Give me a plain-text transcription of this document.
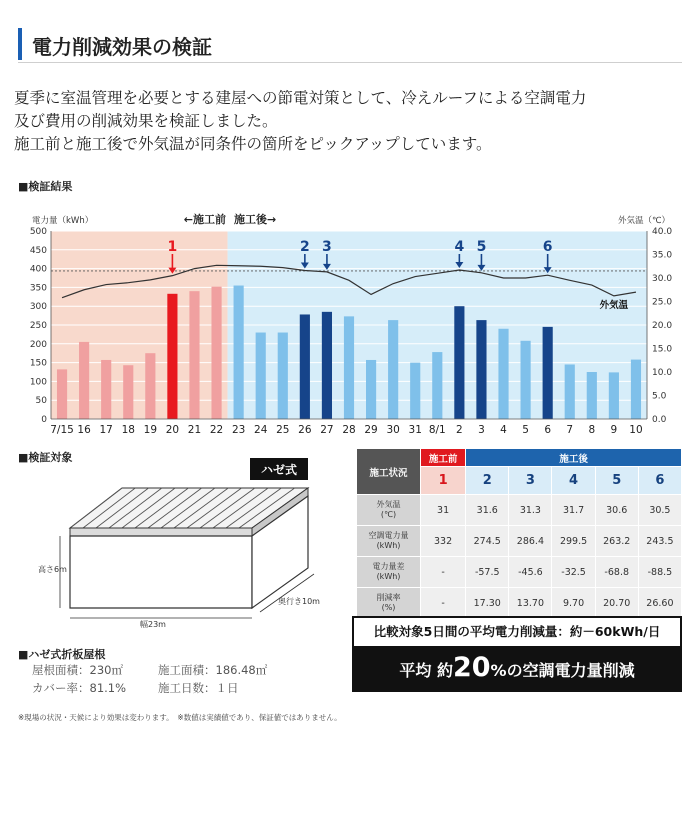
電力削減効果の検証
夏季に室温管理を必要とする建屋への節電対策として、冷えルーフによる空調電力
及び費用の削減効果を検証しました。
施工前と施工後で外気温が同条件の箇所をピックアップしています。
■検証結果
外気温
1	2 3	4 5	6
0
50
100
150
200
250
300
350
400
450
500
0.0
5.0
10.0
15.0
20.0
25.0
30.0
35.0
40.0
7/15 16 17 18 19 20 21 22 23 24 25 26 27 28 29 30 31 8/1 2 3 4 5 6 7 8 9 10
電力量（kWh）	外気温（℃）
←施工前 施工後→
■検証対象
ハゼ式
高さ6m
幅23m
奥行き10m
施工状況	施工前	施工後				
	1	2	3	4	5	6

外気温
(℃)	31	31.6	31.3	31.7	30.6	30.5

空調電力量
(kWh)	332	274.5	286.4	299.5	263.2	243.5

電力量差
(kWh)	-	-57.5	-45.6	-32.5	-68.8	-88.5

削減率
(%)	-	17.30	13.70	9.70	20.70	26.60
比較対象5日間の平均電力削減量：約－60kWh/日
平均 約20%の空調電力量削減
■ハゼ式折板屋根
屋根面積：230㎡	施工面積：186.48㎡
カバー率：81.1%	施工日数：１日
※現場の状況・天候により効果は変わります。　※数値は実績値であり、保証値ではありません。
